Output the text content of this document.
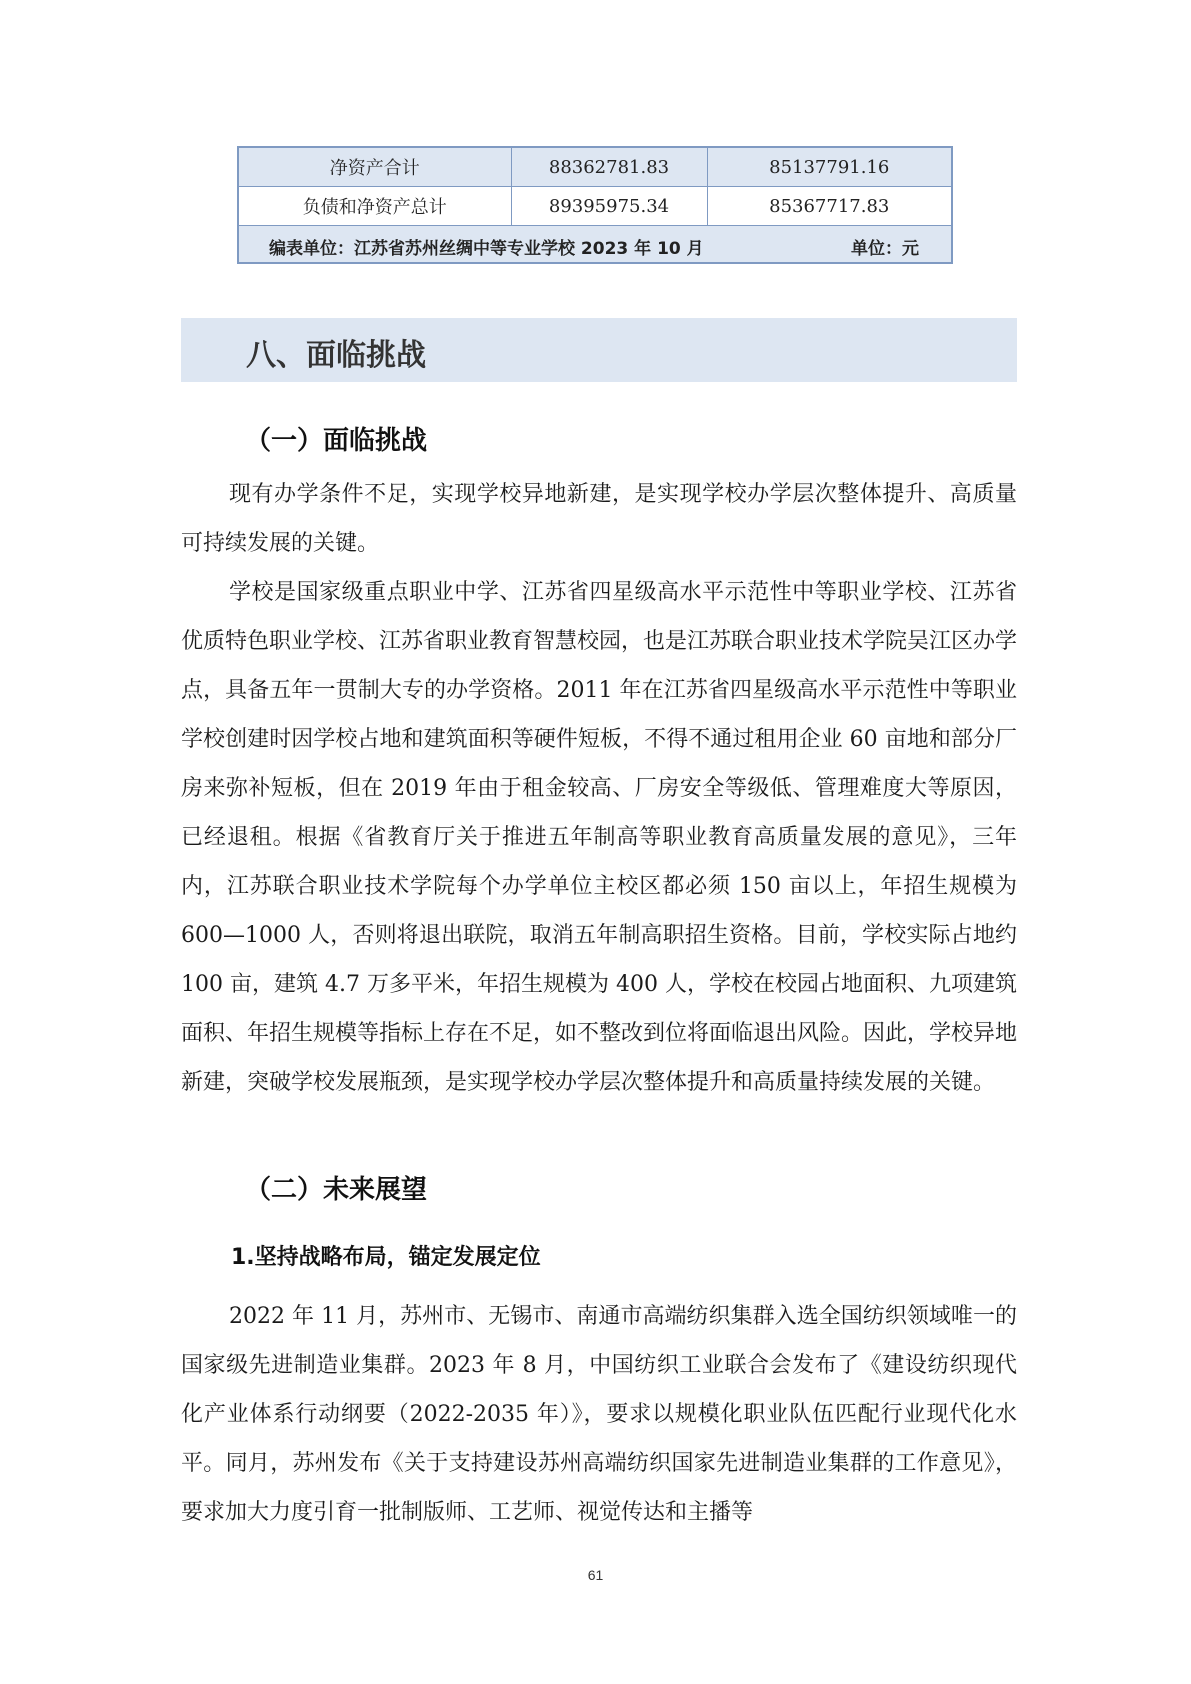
净资产合计	88362781.83	85137791.16
负债和净资产总计	89395975.34	85367717.83

编表单位：江苏省苏州丝绸中等专业学校 2023 年 10 月 单位：元		
八、面临挑战
（一）面临挑战

现有办学条件不足，实现学校异地新建，是实现学校办学层次整体提升、高质量可持续发展的关键。

学校是国家级重点职业中学、江苏省四星级高水平示范性中等职业学校、江苏省优质特色职业学校、江苏省职业教育智慧校园，也是江苏联合职业技术学院吴江区办学点，具备五年一贯制大专的办学资格。2011 年在江苏省四星级高水平示范性中等职业学校创建时因学校占地和建筑面积等硬件短板，不得不通过租用企业 60 亩地和部分厂房来弥补短板，但在 2019 年由于租金较高、厂房安全等级低、管理难度大等原因，已经退租。根据《省教育厅关于推进五年制高等职业教育高质量发展的意见》，三年内，江苏联合职业技术学院每个办学单位主校区都必须 150 亩以上，年招生规模为 600—1000 人，否则将退出联院，取消五年制高职招生资格。目前，学校实际占地约 100 亩，建筑 4.7 万多平米，年招生规模为 400 人，学校在校园占地面积、九项建筑面积、年招生规模等指标上存在不足，如不整改到位将面临退出风险。因此，学校异地新建，突破学校发展瓶颈，是实现学校办学层次整体提升和高质量持续发展的关键。

（二）未来展望
1.坚持战略布局，锚定发展定位

2022 年 11 月，苏州市、无锡市、南通市高端纺织集群入选全国纺织领域唯一的国家级先进制造业集群。2023 年 8 月，中国纺织工业联合会发布了《建设纺织现代化产业体系行动纲要（2022-2035 年）》，要求以规模化职业队伍匹配行业现代化水平。同月，苏州发布《关于支持建设苏州高端纺织国家先进制造业集群的工作意见》，要求加大力度引育一批制版师、工艺师、视觉传达和主播等

61
